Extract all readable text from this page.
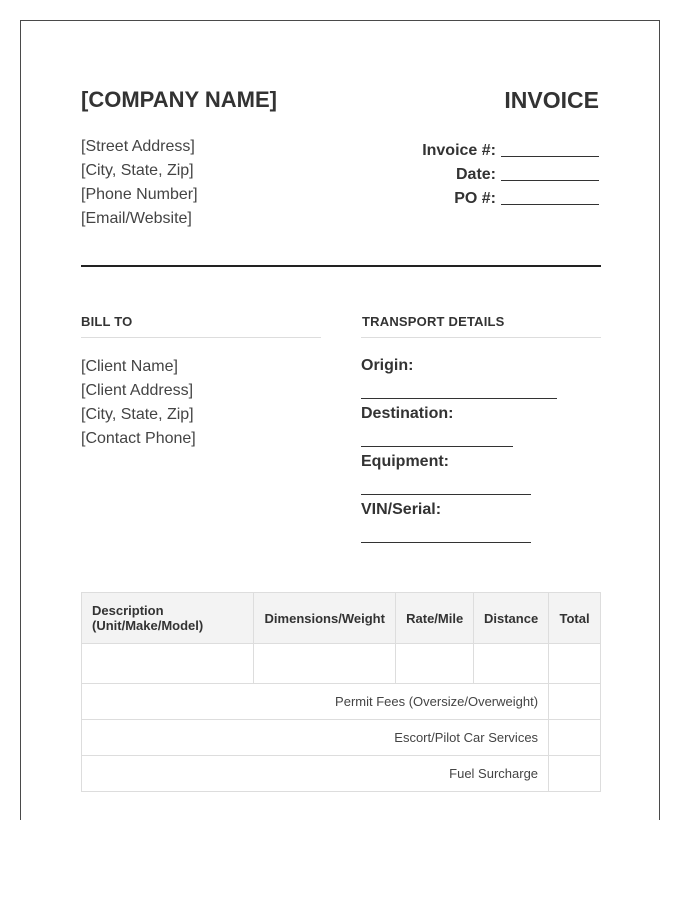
[COMPANY NAME]	INVOICE
[Street Address]
[City, State, Zip]
[Phone Number]
[Email/Website]
Invoice #:
Date:
PO #:
BILL TO	TRANSPORT DETAILS
[Client Name]
[Client Address]
[City, State, Zip]
[Contact Phone]
Origin:
Destination:
Equipment:
VIN/Serial:
Description (Unit/Make/Model)	Dimensions/Weight	Rate/Mile	Distance	Total

Permit Fees (Oversize/Overweight)				
Escort/Pilot Car Services				
Fuel Surcharge				
